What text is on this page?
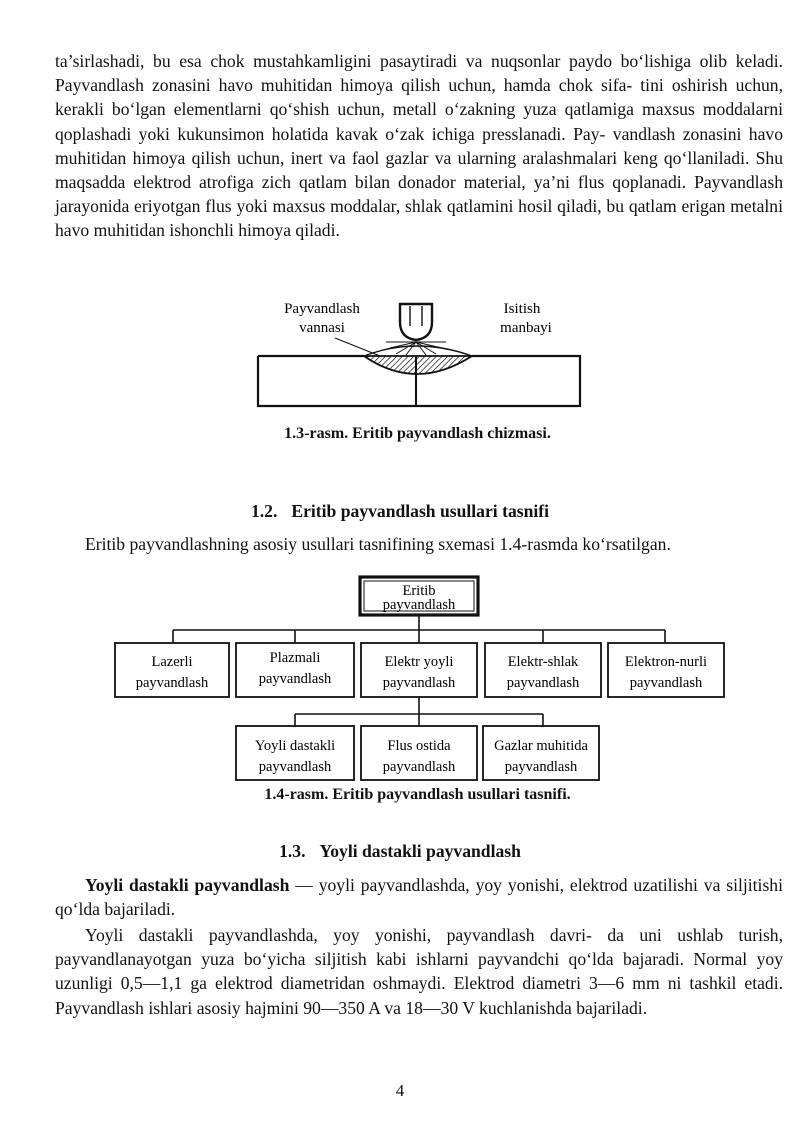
ta’sirlashadi, bu esa chok mustahkamligini pasaytiradi va nuqsonlar paydo bo‘lishiga olib keladi. Payvandlash zonasini havo muhitidan himoya qilish uchun, hamda chok sifa- tini oshirish uchun, kerakli bo‘lgan elementlarni qo‘shish uchun, metall o‘zakning yuza qatlamiga maxsus moddalarni qoplashadi yoki kukunsimon holatida kavak o‘zak ichiga presslanadi. Pay- vandlash zonasini havo muhitidan himoya qilish uchun, inert va faol gazlar va ularning aralashmalari keng qo‘llaniladi. Shu maqsadda elektrod atrofiga zich qatlam bilan donador material, ya’ni flus qoplanadi. Payvandlash jarayonida eriyotgan flus yoki maxsus moddalar, shlak qatlamini hosil qiladi, bu qatlam erigan metalni havo muhitidan ishonchli himoya qiladi.

Payvandlash
vannasi
Isitish
manbayi

1.3-rasm. Eritib payvandlash chizmasi.

1.2. Eritib payvandlash usullari tasnifi

Eritib payvandlashning asosiy usullari tasnifining sxemasi 1.4-rasmda ko‘rsatilgan.

Eritib
payvandlash
Lazerli
payvandlash
Plazmali
payvandlash
Elektr yoyli
payvandlash
Elektr-shlak
payvandlash
Elektron-nurli
payvandlash
Yoyli dastakli
payvandlash
Flus ostida
payvandlash
Gazlar muhitida
payvandlash

1.4-rasm. Eritib payvandlash usullari tasnifi.

1.3. Yoyli dastakli payvandlash

Yoyli dastakli payvandlash — yoyli payvandlashda, yoy yonishi, elektrod uzatilishi va siljitishi qo‘lda bajariladi.

Yoyli dastakli payvandlashda, yoy yonishi, payvandlash davri- da uni ushlab turish, payvandlanayotgan yuza bo‘yicha siljitish kabi ishlarni payvandchi qo‘lda bajaradi. Normal yoy uzunligi 0,5—1,1 ga elektrod diametridan oshmaydi. Elektrod diametri 3—6 mm ni tashkil etadi. Payvandlash ishlari asosiy hajmini 90—350 A va 18—30 V kuchlanishda bajariladi.

4
